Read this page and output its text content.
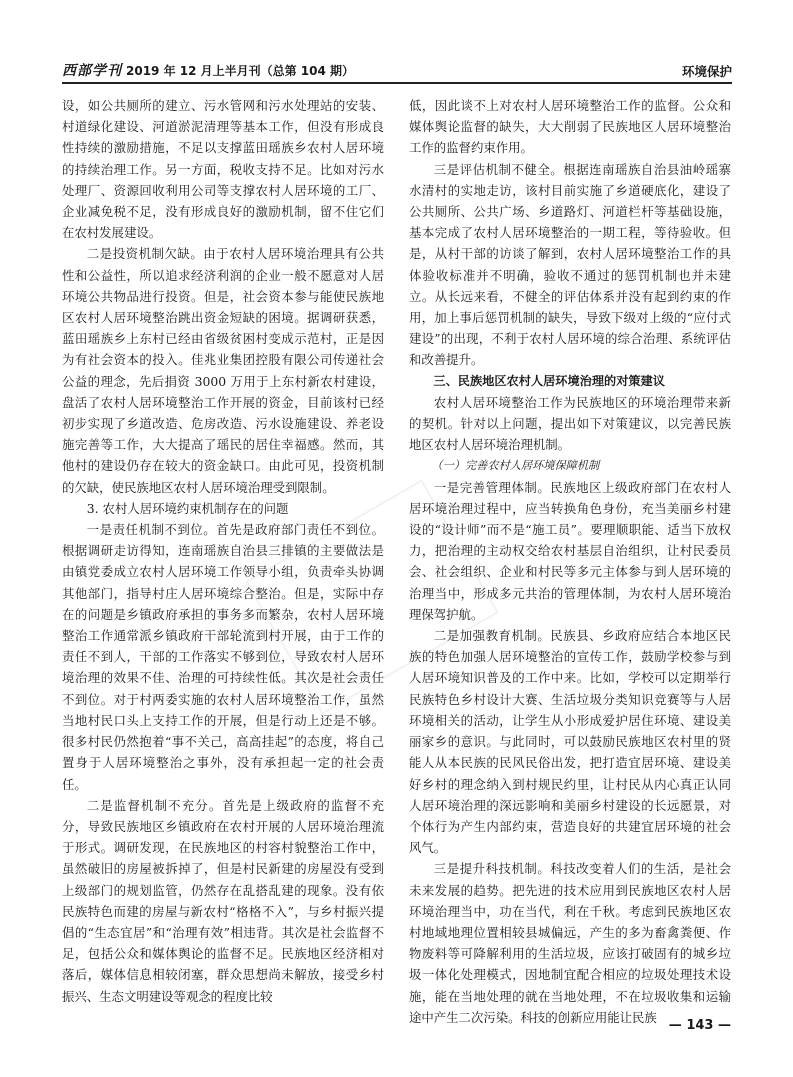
西部学刊 2019 年 12 月上半月刊（总第 104 期）	环境保护

设，如公共厕所的建立、污水管网和污水处理站的安装、村道绿化建设、河道淤泥清理等基本工作，但没有形成良性持续的激励措施，不足以支撑蓝田瑶族乡农村人居环境的持续治理工作。另一方面，税收支持不足。比如对污水处理厂、资源回收利用公司等支撑农村人居环境的工厂、企业减免税不足，没有形成良好的激励机制，留不住它们在农村发展建设。

二是投资机制欠缺。由于农村人居环境治理具有公共性和公益性，所以追求经济利润的企业一般不愿意对人居环境公共物品进行投资。但是，社会资本参与能使民族地区农村人居环境整治跳出资金短缺的困境。据调研获悉，蓝田瑶族乡上东村已经由省级贫困村变成示范村，正是因为有社会资本的投入。佳兆业集团控股有限公司传递社会公益的理念，先后捐资 3000 万用于上东村新农村建设，盘活了农村人居环境整治工作开展的资金，目前该村已经初步实现了乡道改造、危房改造、污水设施建设、养老设施完善等工作，大大提高了瑶民的居住幸福感。然而，其他村的建设仍存在较大的资金缺口。由此可见，投资机制的欠缺，使民族地区农村人居环境治理受到限制。

3. 农村人居环境约束机制存在的问题

一是责任机制不到位。首先是政府部门责任不到位。根据调研走访得知，连南瑶族自治县三排镇的主要做法是由镇党委成立农村人居环境工作领导小组，负责牵头协调其他部门，指导村庄人居环境综合整治。但是，实际中存在的问题是乡镇政府承担的事务多而繁杂，农村人居环境整治工作通常派乡镇政府干部轮流到村开展，由于工作的责任不到人，干部的工作落实不够到位，导致农村人居环境治理的效果不佳、治理的可持续性低。其次是社会责任不到位。对于村两委实施的农村人居环境整治工作，虽然当地村民口头上支持工作的开展，但是行动上还是不够。很多村民仍然抱着“事不关己，高高挂起”的态度，将自己置身于人居环境整治之事外，没有承担起一定的社会责任。

二是监督机制不充分。首先是上级政府的监督不充分，导致民族地区乡镇政府在农村开展的人居环境治理流于形式。调研发现，在民族地区的村容村貌整治工作中，虽然破旧的房屋被拆掉了，但是村民新建的房屋没有受到上级部门的规划监管，仍然存在乱搭乱建的现象。没有依民族特色而建的房屋与新农村“格格不入”，与乡村振兴提倡的“生态宜居”和“治理有效”相违背。其次是社会监督不足，包括公众和媒体舆论的监督不足。民族地区经济相对落后，媒体信息相较闭塞，群众思想尚未解放，接受乡村振兴、生态文明建设等观念的程度比较

低，因此谈不上对农村人居环境整治工作的监督。公众和媒体舆论监督的缺失，大大削弱了民族地区人居环境整治工作的监督约束作用。

三是评估机制不健全。根据连南瑶族自治县油岭瑶寨水清村的实地走访，该村目前实施了乡道硬底化，建设了公共厕所、公共广场、乡道路灯、河道栏杆等基础设施，基本完成了农村人居环境整治的一期工程，等待验收。但是，从村干部的访谈了解到，农村人居环境整治工作的具体验收标准并不明确，验收不通过的惩罚机制也并未建立。从长远来看，不健全的评估体系并没有起到约束的作用，加上事后惩罚机制的缺失，导致下级对上级的“应付式建设”的出现，不利于农村人居环境的综合治理、系统评估和改善提升。

三、民族地区农村人居环境治理的对策建议

农村人居环境整治工作为民族地区的环境治理带来新的契机。针对以上问题，提出如下对策建议，以完善民族地区农村人居环境治理机制。

（一）完善农村人居环境保障机制

一是完善管理体制。民族地区上级政府部门在农村人居环境治理过程中，应当转换角色身份，充当美丽乡村建设的“设计师”而不是“施工员”。要理顺职能、适当下放权力，把治理的主动权交给农村基层自治组织，让村民委员会、社会组织、企业和村民等多元主体参与到人居环境的治理当中，形成多元共治的管理体制，为农村人居环境治理保驾护航。

二是加强教育机制。民族县、乡政府应结合本地区民族的特色加强人居环境整治的宣传工作，鼓励学校参与到人居环境知识普及的工作中来。比如，学校可以定期举行民族特色乡村设计大赛、生活垃圾分类知识竞赛等与人居环境相关的活动，让学生从小形成爱护居住环境、建设美丽家乡的意识。与此同时，可以鼓励民族地区农村里的贤能人从本民族的民风民俗出发，把打造宜居环境、建设美好乡村的理念纳入到村规民约里，让村民从内心真正认同人居环境治理的深远影响和美丽乡村建设的长远愿景，对个体行为产生内部约束，营造良好的共建宜居环境的社会风气。

三是提升科技机制。科技改变着人们的生活，是社会未来发展的趋势。把先进的技术应用到民族地区农村人居环境治理当中，功在当代，利在千秋。考虑到民族地区农村地域地理位置相较县城偏远，产生的多为畜禽粪便、作物废料等可降解利用的生活垃圾，应该打破固有的城乡垃圾一体化处理模式，因地制宜配合相应的垃圾处理技术设施，能在当地处理的就在当地处理，不在垃圾收集和运输途中产生二次污染。科技的创新应用能让民族

— 143 —
